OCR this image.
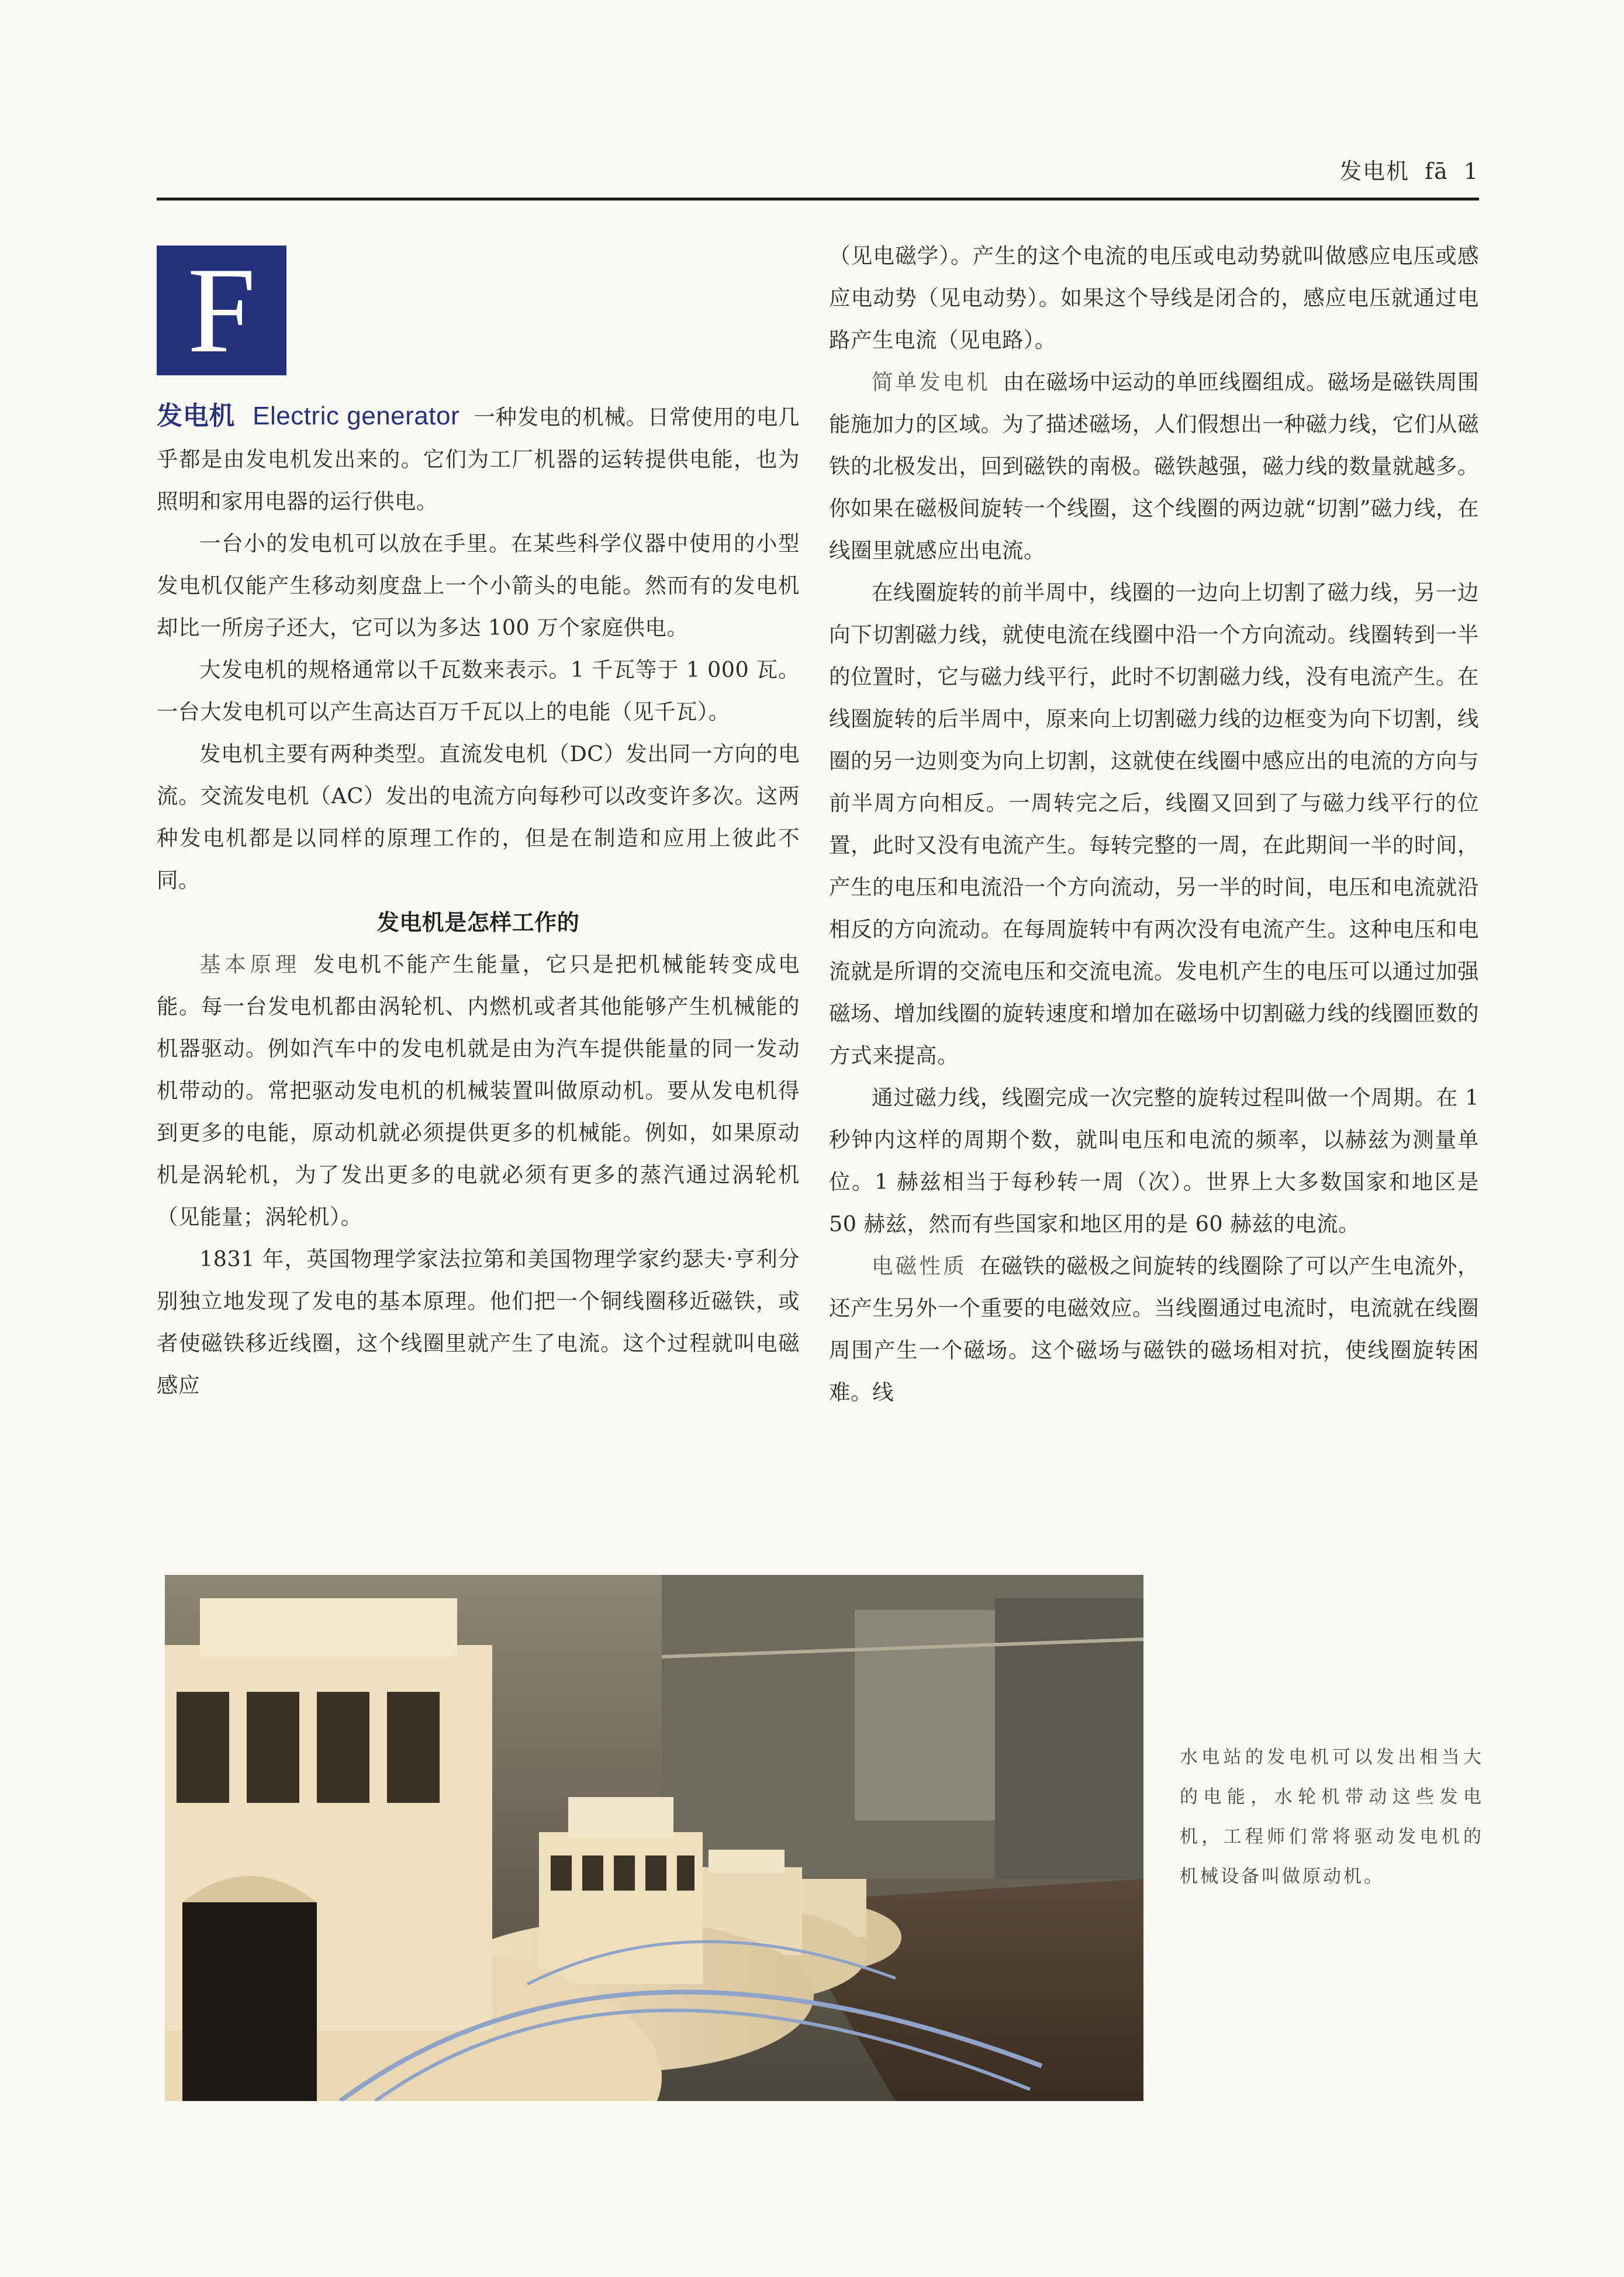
发电机 fā 1
F

发电机 Electric generator 一种发电的机械。日常使用的电几乎都是由发电机发出来的。它们为工厂机器的运转提供电能，也为照明和家用电器的运行供电。

一台小的发电机可以放在手里。在某些科学仪器中使用的小型发电机仅能产生移动刻度盘上一个小箭头的电能。然而有的发电机却比一所房子还大，它可以为多达 100 万个家庭供电。

大发电机的规格通常以千瓦数来表示。1 千瓦等于 1 000 瓦。一台大发电机可以产生高达百万千瓦以上的电能（见千瓦）。

发电机主要有两种类型。直流发电机（DC）发出同一方向的电流。交流发电机（AC）发出的电流方向每秒可以改变许多次。这两种发电机都是以同样的原理工作的，但是在制造和应用上彼此不同。

发电机是怎样工作的

基本原理 发电机不能产生能量，它只是把机械能转变成电能。每一台发电机都由涡轮机、内燃机或者其他能够产生机械能的机器驱动。例如汽车中的发电机就是由为汽车提供能量的同一发动机带动的。常把驱动发电机的机械装置叫做原动机。要从发电机得到更多的电能，原动机就必须提供更多的机械能。例如，如果原动机是涡轮机，为了发出更多的电就必须有更多的蒸汽通过涡轮机（见能量；涡轮机）。

1831 年，英国物理学家法拉第和美国物理学家约瑟夫·亨利分别独立地发现了发电的基本原理。他们把一个铜线圈移近磁铁，或者使磁铁移近线圈，这个线圈里就产生了电流。这个过程就叫电磁感应

（见电磁学）。产生的这个电流的电压或电动势就叫做感应电压或感应电动势（见电动势）。如果这个导线是闭合的，感应电压就通过电路产生电流（见电路）。

简单发电机 由在磁场中运动的单匝线圈组成。磁场是磁铁周围能施加力的区域。为了描述磁场，人们假想出一种磁力线，它们从磁铁的北极发出，回到磁铁的南极。磁铁越强，磁力线的数量就越多。你如果在磁极间旋转一个线圈，这个线圈的两边就“切割”磁力线，在线圈里就感应出电流。

在线圈旋转的前半周中，线圈的一边向上切割了磁力线，另一边向下切割磁力线，就使电流在线圈中沿一个方向流动。线圈转到一半的位置时，它与磁力线平行，此时不切割磁力线，没有电流产生。在线圈旋转的后半周中，原来向上切割磁力线的边框变为向下切割，线圈的另一边则变为向上切割，这就使在线圈中感应出的电流的方向与前半周方向相反。一周转完之后，线圈又回到了与磁力线平行的位置，此时又没有电流产生。每转完整的一周，在此期间一半的时间，产生的电压和电流沿一个方向流动，另一半的时间，电压和电流就沿相反的方向流动。在每周旋转中有两次没有电流产生。这种电压和电流就是所谓的交流电压和交流电流。发电机产生的电压可以通过加强磁场、增加线圈的旋转速度和增加在磁场中切割磁力线的线圈匝数的方式来提高。

通过磁力线，线圈完成一次完整的旋转过程叫做一个周期。在 1 秒钟内这样的周期个数，就叫电压和电流的频率，以赫兹为测量单位。1 赫兹相当于每秒转一周（次）。世界上大多数国家和地区是 50 赫兹，然而有些国家和地区用的是 60 赫兹的电流。

电磁性质 在磁铁的磁极之间旋转的线圈除了可以产生电流外，还产生另外一个重要的电磁效应。当线圈通过电流时，电流就在线圈周围产生一个磁场。这个磁场与磁铁的磁场相对抗，使线圈旋转困难。线

水电站的发电机可以发出相当大的电能，水轮机带动这些发电机，工程师们常将驱动发电机的机械设备叫做原动机。
